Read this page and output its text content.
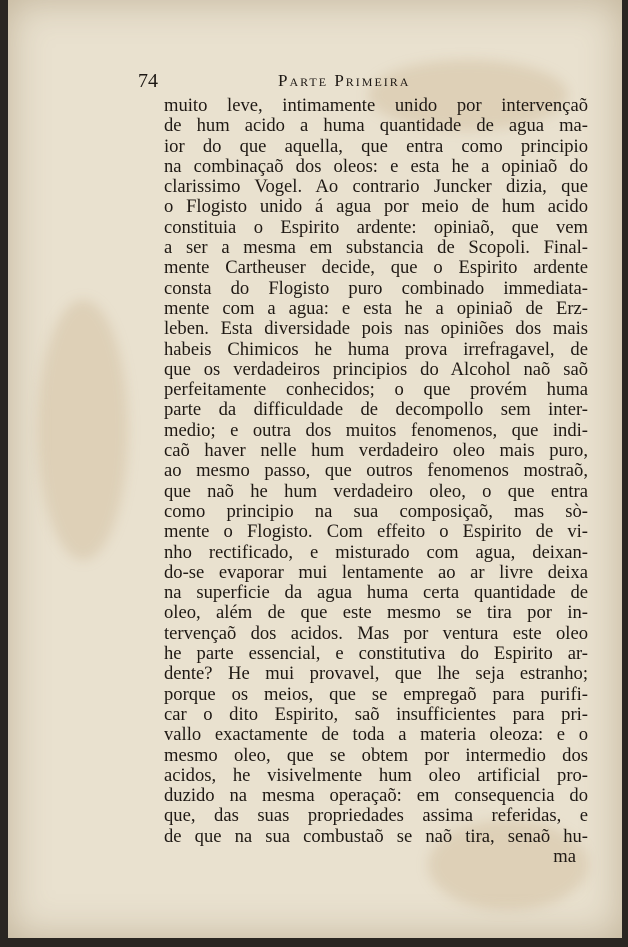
74	Parte Primeira
muito leve, intimamente unido por intervençaõ
de hum acido a huma quantidade de agua ma-
ior do que aquella, que entra como principio
na combinaçaõ dos oleos: e esta he a opiniaõ do
clarissimo Vogel. Ao contrario Juncker dizia, que
o Flogisto unido á agua por meio de hum acido
constituia o Espirito ardente: opiniaõ, que vem
a ser a mesma em substancia de Scopoli. Final-
mente Cartheuser decide, que o Espirito ardente
consta do Flogisto puro combinado immediata-
mente com a agua: e esta he a opiniaõ de Erz-
leben. Esta diversidade pois nas opiniões dos mais
habeis Chimicos he huma prova irrefragavel, de
que os verdadeiros principios do Alcohol naõ saõ
perfeitamente conhecidos; o que provém huma
parte da difficuldade de decompollo sem inter-
medio; e outra dos muitos fenomenos, que indi-
caõ haver nelle hum verdadeiro oleo mais puro,
ao mesmo passo, que outros fenomenos mostraõ,
que naõ he hum verdadeiro oleo, o que entra
como principio na sua composiçaõ, mas sò-
mente o Flogisto. Com effeito o Espirito de vi-
nho rectificado, e misturado com agua, deixan-
do-se evaporar mui lentamente ao ar livre deixa
na superficie da agua huma certa quantidade de
oleo, além de que este mesmo se tira por in-
tervençaõ dos acidos. Mas por ventura este oleo
he parte essencial, e constitutiva do Espirito ar-
dente? He mui provavel, que lhe seja estranho;
porque os meios, que se empregaõ para purifi-
car o dito Espirito, saõ insufficientes para pri-
vallo exactamente de toda a materia oleoza: e o
mesmo oleo, que se obtem por intermedio dos
acidos, he visivelmente hum oleo artificial pro-
duzido na mesma operaçaõ: em consequencia do
que, das suas propriedades assima referidas, e
de que na sua combustaõ se naõ tira, senaõ hu-
ma
